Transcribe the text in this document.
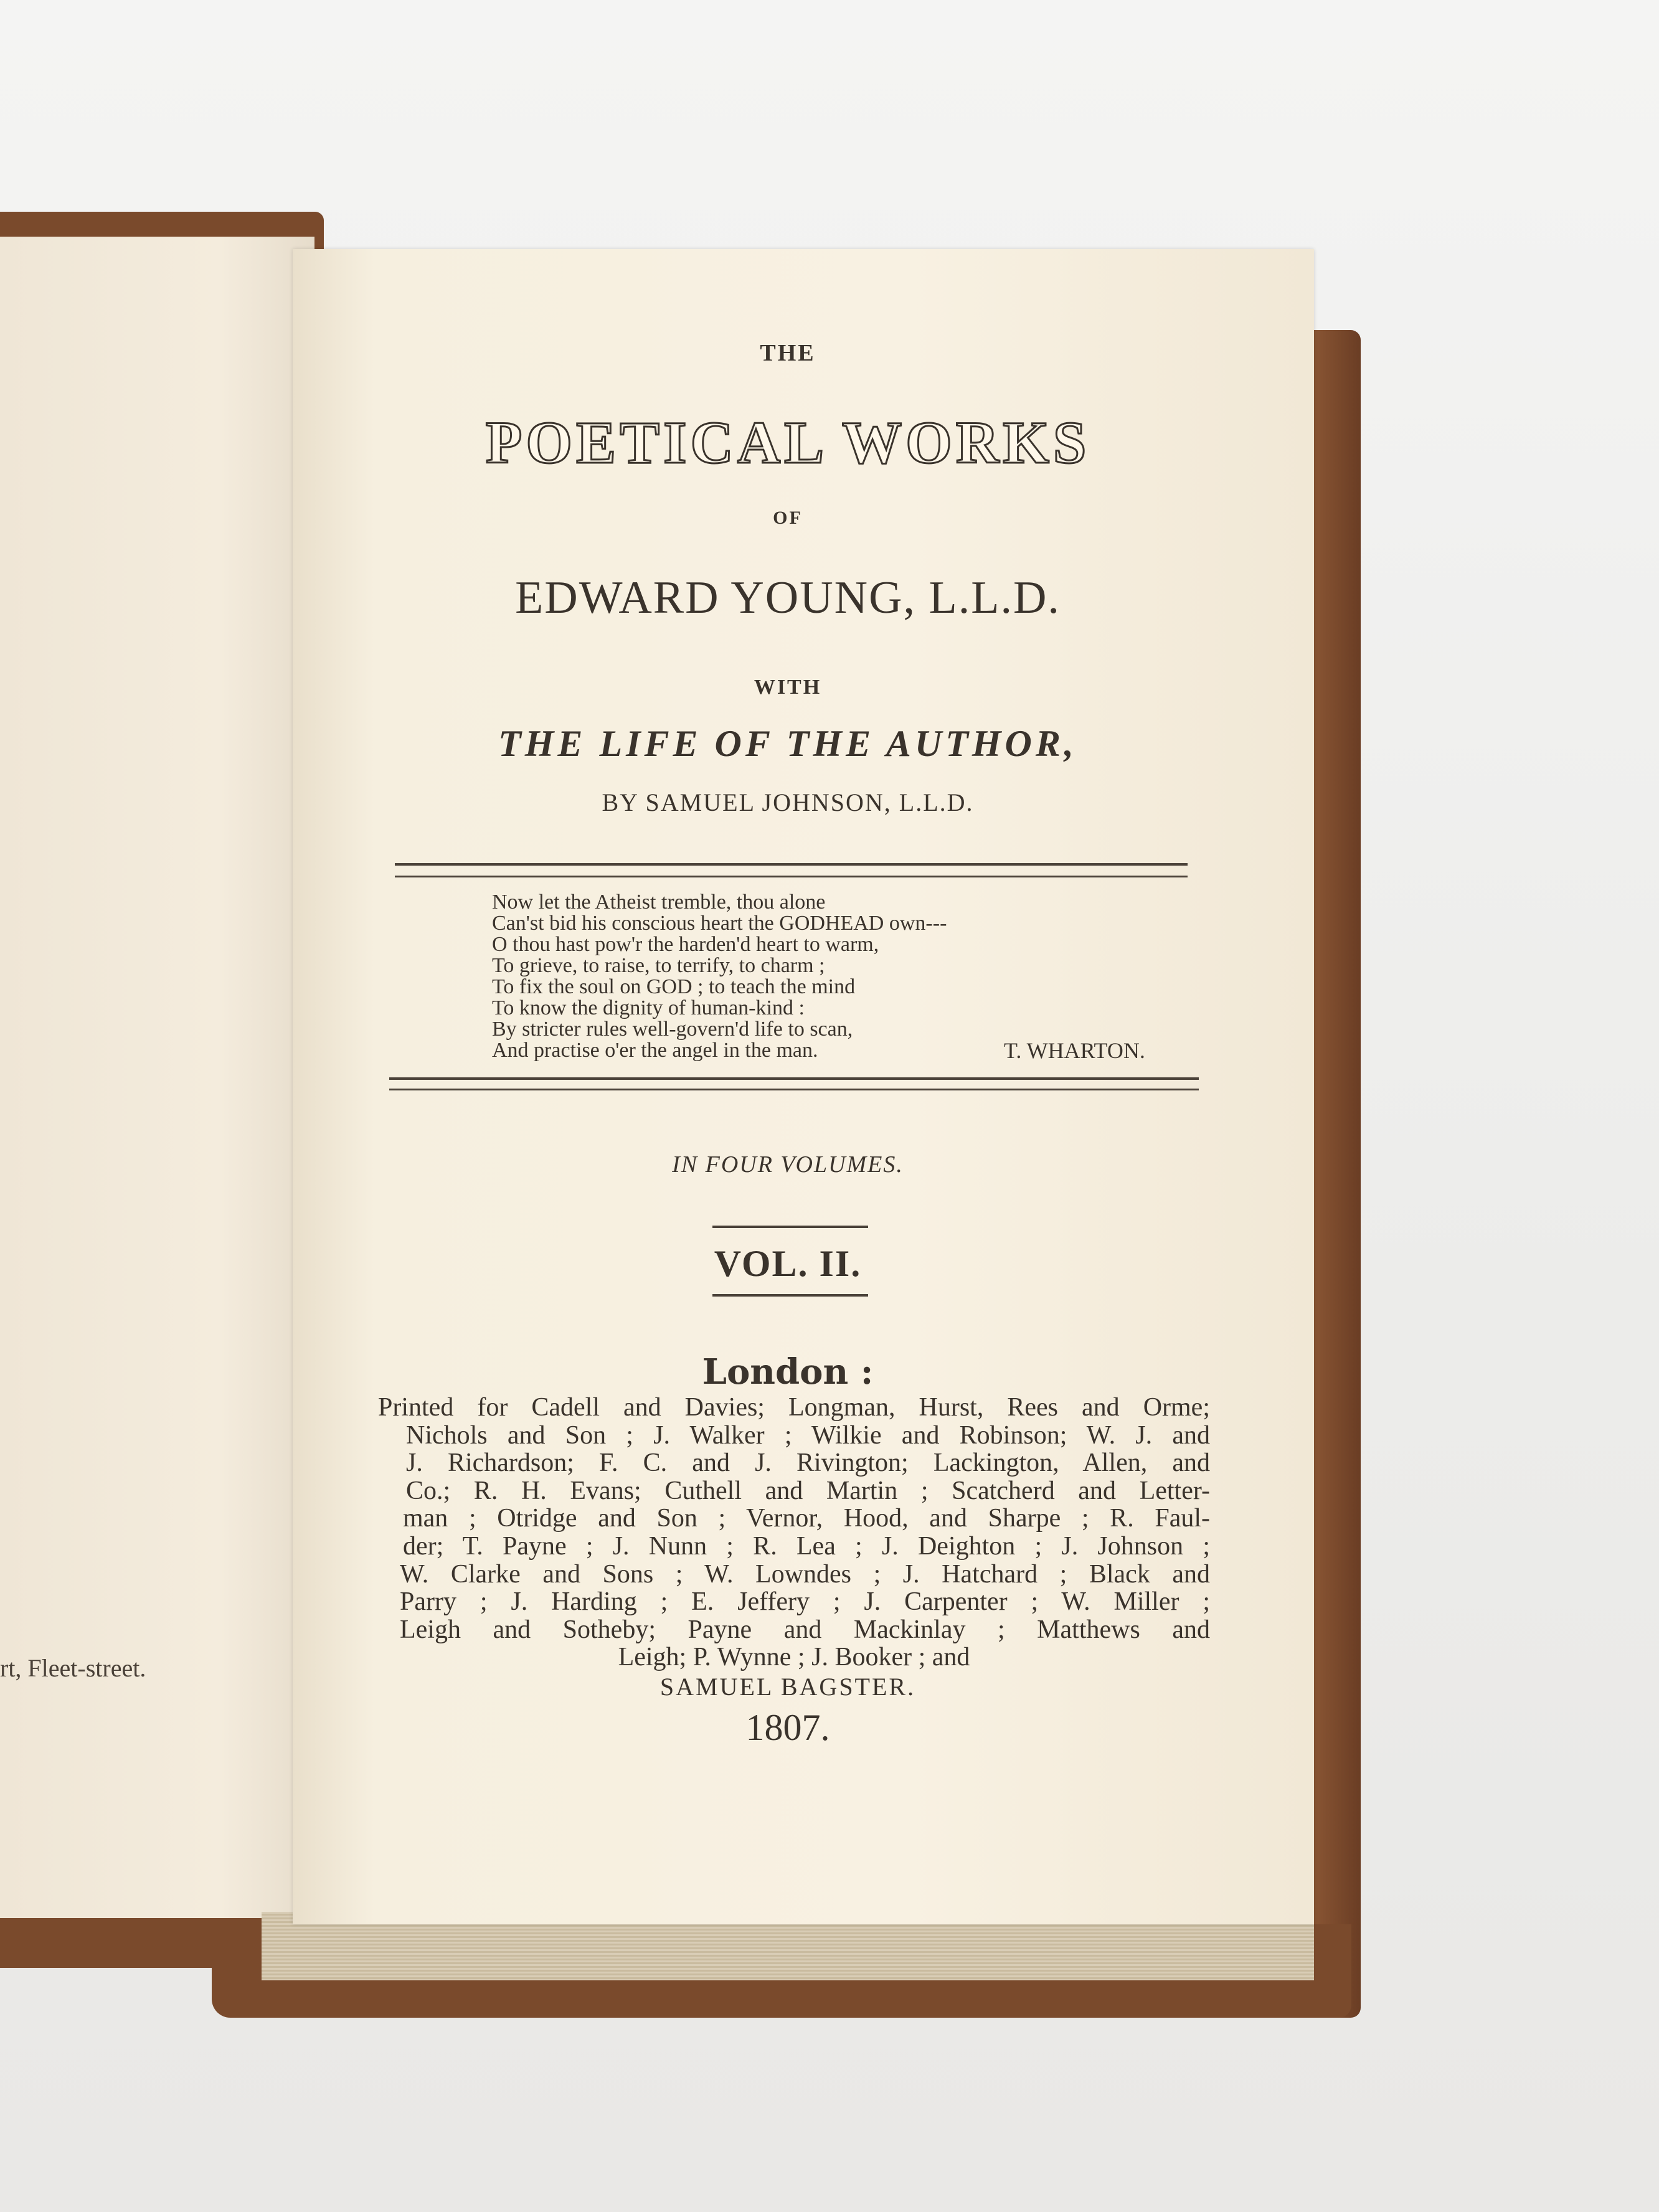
rt, Fleet-street.
THE
POETICAL WORKS
OF
EDWARD YOUNG, L.L.D.
WITH
THE LIFE OF THE AUTHOR,
BY SAMUEL JOHNSON, L.L.D.
Now let the Atheist tremble, thou alone
Can'st bid his conscious heart the GODHEAD own---
O thou hast pow'r the harden'd heart to warm,
To grieve, to raise, to terrify, to charm ;
To fix the soul on GOD ; to teach the mind
To know the dignity of human-kind :
By stricter rules well-govern'd life to scan,
And practise o'er the angel in the man.	T. WHARTON.
IN FOUR VOLUMES.
VOL. II.
London :
Printed for Cadell and Davies; Longman, Hurst, Rees and Orme;
Nichols and Son ; J. Walker ; Wilkie and Robinson; W. J. and
J. Richardson; F. C. and J. Rivington; Lackington, Allen, and
Co.; R. H. Evans; Cuthell and Martin ; Scatcherd and Letter-
man ; Otridge and Son ; Vernor, Hood, and Sharpe ; R. Faul-
der; T. Payne ; J. Nunn ; R. Lea ; J. Deighton ; J. Johnson ;
W. Clarke and Sons ; W. Lowndes ; J. Hatchard ; Black and
Parry ; J. Harding ; E. Jeffery ; J. Carpenter ; W. Miller ;
Leigh and Sotheby; Payne and Mackinlay ; Matthews and
Leigh; P. Wynne ; J. Booker ; and
SAMUEL BAGSTER.
1807.
